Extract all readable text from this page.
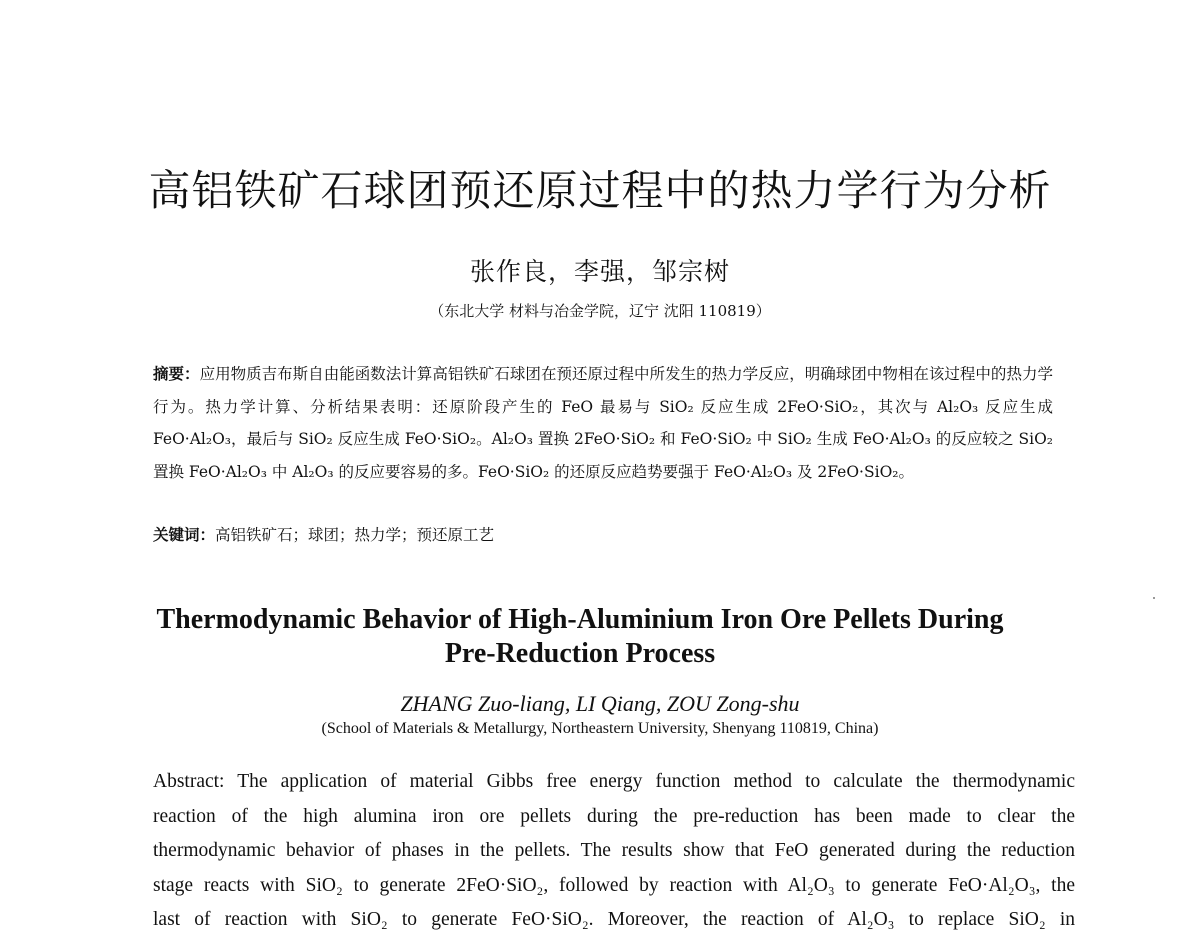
高铝铁矿石球团预还原过程中的热力学行为分析
张作良，李强，邹宗树
（东北大学 材料与冶金学院，辽宁 沈阳 110819）
摘要：应用物质吉布斯自由能函数法计算高铝铁矿石球团在预还原过程中所发生的热力学反应，明确球团中物相在该过程中的热力学行为。热力学计算、分析结果表明：还原阶段产生的 FeO 最易与 SiO₂ 反应生成 2FeO·SiO₂，其次与 Al₂O₃ 反应生成 FeO·Al₂O₃，最后与 SiO₂ 反应生成 FeO·SiO₂。Al₂O₃ 置换 2FeO·SiO₂ 和 FeO·SiO₂ 中 SiO₂ 生成 FeO·Al₂O₃ 的反应较之 SiO₂ 置换 FeO·Al₂O₃ 中 Al₂O₃ 的反应要容易的多。FeO·SiO₂ 的还原反应趋势要强于 FeO·Al₂O₃ 及 2FeO·SiO₂。
关键词：高铝铁矿石；球团；热力学；预还原工艺
Thermodynamic Behavior of High-Aluminium Iron Ore Pellets During
Pre-Reduction Process
ZHANG Zuo-liang, LI Qiang, ZOU Zong-shu
(School of Materials & Metallurgy, Northeastern University, Shenyang 110819, China)

Abstract: The application of material Gibbs free energy function method to calculate the thermodynamic

reaction of the high alumina iron ore pellets during the pre-reduction has been made to clear the

thermodynamic behavior of phases in the pellets. The results show that FeO generated during the reduction

stage reacts with SiO₂ to generate 2FeO·SiO₂, followed by reaction with Al₂O₃ to generate FeO·Al₂O₃, the

last of reaction with SiO₂ to generate FeO·SiO₂. Moreover, the reaction of Al₂O₃ to replace SiO₂ in
